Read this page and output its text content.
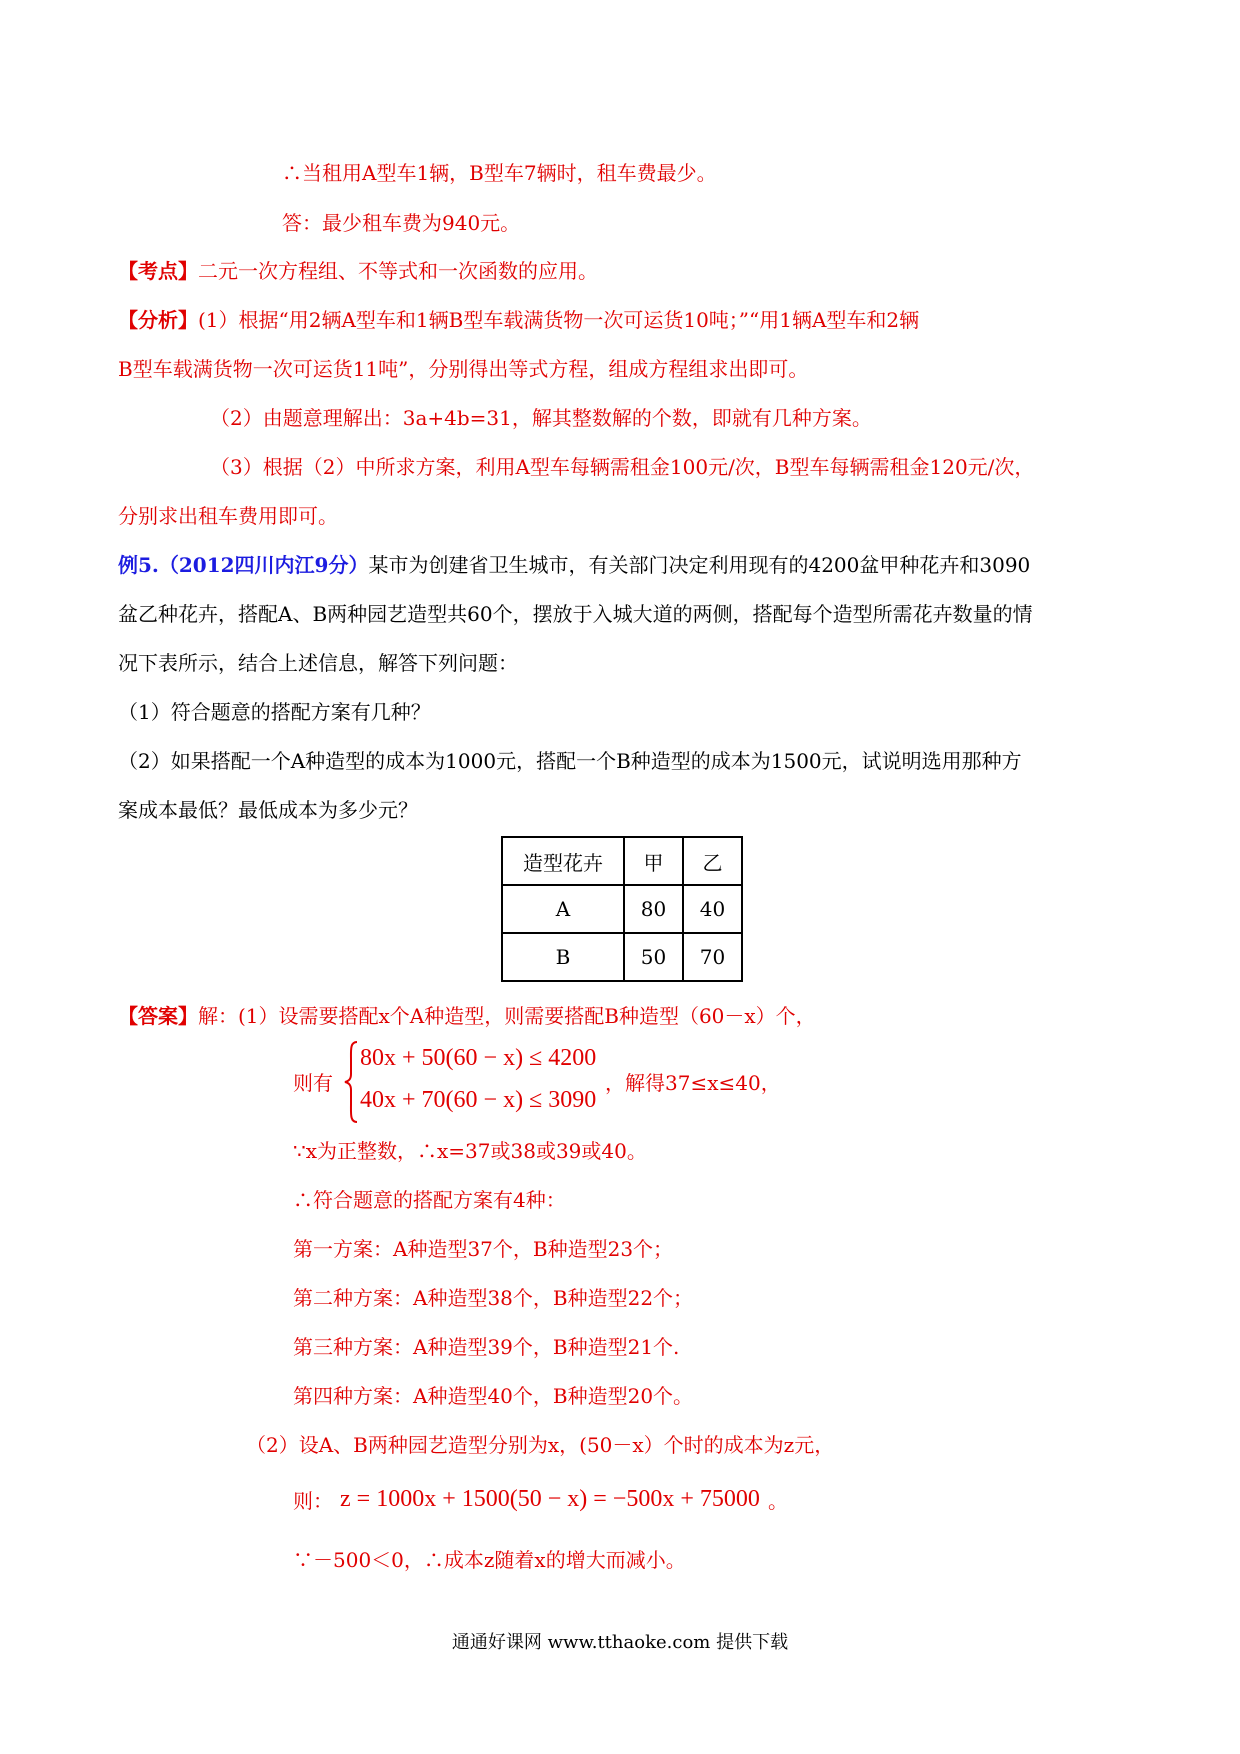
∴当租用A型车1辆，B型车7辆时，租车费最少。
答：最少租车费为940元。
【考点】二元一次方程组、不等式和一次函数的应用。
【分析】(1）根据“用2辆A型车和1辆B型车载满货物一次可运货10吨；”“用1辆A型车和2辆
B型车载满货物一次可运货11吨”，分别得出等式方程，组成方程组求出即可。
（2）由题意理解出：3a+4b=31，解其整数解的个数，即就有几种方案。
（3）根据（2）中所求方案，利用A型车每辆需租金100元/次，B型车每辆需租金120元/次，
分别求出租车费用即可。
例5.（2012四川内江9分）某市为创建省卫生城市，有关部门决定利用现有的4200盆甲种花卉和3090
盆乙种花卉，搭配A、B两种园艺造型共60个，摆放于入城大道的两侧，搭配每个造型所需花卉数量的情
况下表所示，结合上述信息，解答下列问题：
（1）符合题意的搭配方案有几种？
（2）如果搭配一个A种造型的成本为1000元，搭配一个B种造型的成本为1500元，试说明选用那种方
案成本最低？最低成本为多少元？
造型花卉	甲	乙
A	80	40
B	50	70
【答案】解：(1）设需要搭配x个A种造型，则需要搭配B种造型（60－x）个，
则有
80x + 50(60 − x) ≤ 4200
40x + 70(60 − x) ≤ 3090
，解得37≤x≤40，
∵x为正整数，∴x=37或38或39或40。
∴符合题意的搭配方案有4种：
第一方案：A种造型37个，B种造型23个；
第二种方案：A种造型38个，B种造型22个；
第三种方案：A种造型39个，B种造型21个.
第四种方案：A种造型40个，B种造型20个。
（2）设A、B两种园艺造型分别为x，(50－x）个时的成本为z元，
则： z = 1000x + 1500(50 − x) = −500x + 75000 。
∵－500＜0，∴成本z随着x的增大而减小。
通通好课网 www.tthaoke.com 提供下载
